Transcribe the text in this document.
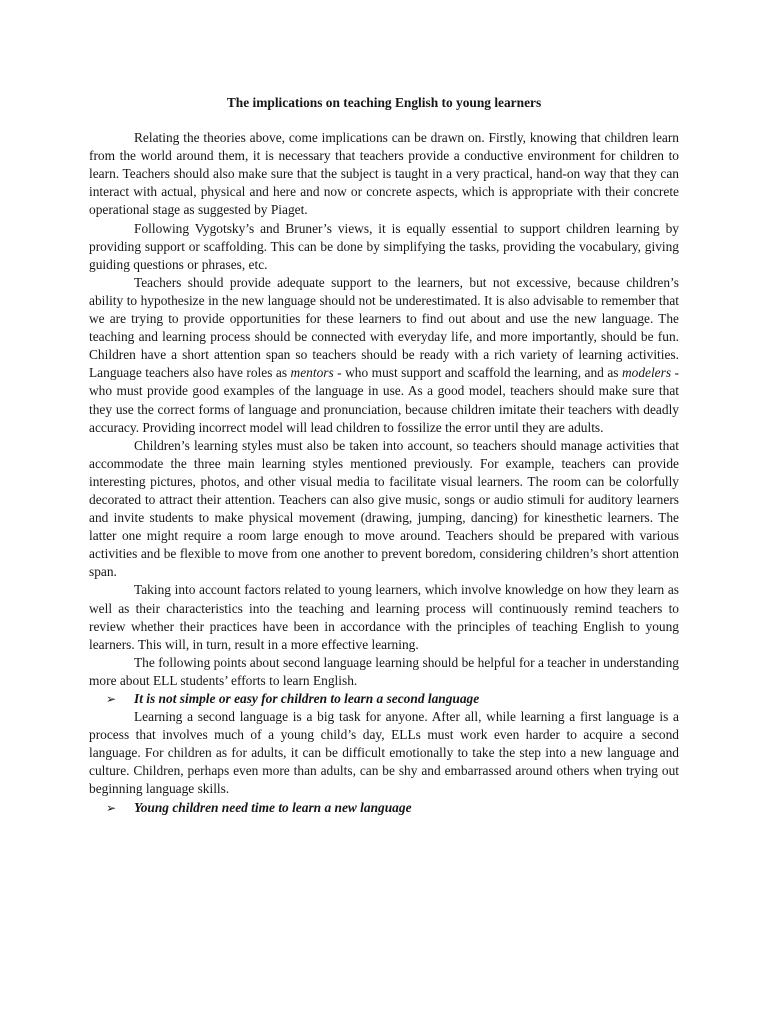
The implications on teaching English to young learners

Relating the theories above, come implications can be drawn on. Firstly, knowing that children learn from the world around them, it is necessary that teachers provide a conductive environment for children to learn. Teachers should also make sure that the subject is taught in a very practical, hand-on way that they can interact with actual, physical and here and now or concrete aspects, which is appropriate with their concrete operational stage as suggested by Piaget.

Following Vygotsky’s and Bruner’s views, it is equally essential to support children learning by providing support or scaffolding. This can be done by simplifying the tasks, providing the vocabulary, giving guiding questions or phrases, etc.

Teachers should provide adequate support to the learners, but not excessive, because children’s ability to hypothesize in the new language should not be underestimated. It is also advisable to remember that we are trying to provide opportunities for these learners to find out about and use the new language. The teaching and learning process should be connected with everyday life, and more importantly, should be fun. Children have a short attention span so teachers should be ready with a rich variety of learning activities. Language teachers also have roles as mentors - who must support and scaffold the learning, and as modelers - who must provide good examples of the language in use. As a good model, teachers should make sure that they use the correct forms of language and pronunciation, because children imitate their teachers with deadly accuracy. Providing incorrect model will lead children to fossilize the error until they are adults.

Children’s learning styles must also be taken into account, so teachers should manage activities that accommodate the three main learning styles mentioned previously. For example, teachers can provide interesting pictures, photos, and other visual media to facilitate visual learners. The room can be colorfully decorated to attract their attention. Teachers can also give music, songs or audio stimuli for auditory learners and invite students to make physical movement (drawing, jumping, dancing) for kinesthetic learners. The latter one might require a room large enough to move around. Teachers should be prepared with various activities and be flexible to move from one another to prevent boredom, considering children’s short attention span.

Taking into account factors related to young learners, which involve knowledge on how they learn as well as their characteristics into the teaching and learning process will continuously remind teachers to review whether their practices have been in accordance with the principles of teaching English to young learners. This will, in turn, result in a more effective learning.

The following points about second language learning should be helpful for a teacher in understanding more about ELL students’ efforts to learn English.

➢ It is not simple or easy for children to learn a second language

Learning a second language is a big task for anyone. After all, while learning a first language is a process that involves much of a young child’s day, ELLs must work even harder to acquire a second language. For children as for adults, it can be difficult emotionally to take the step into a new language and culture. Children, perhaps even more than adults, can be shy and embarrassed around others when trying out beginning language skills.

➢ Young children need time to learn a new language
